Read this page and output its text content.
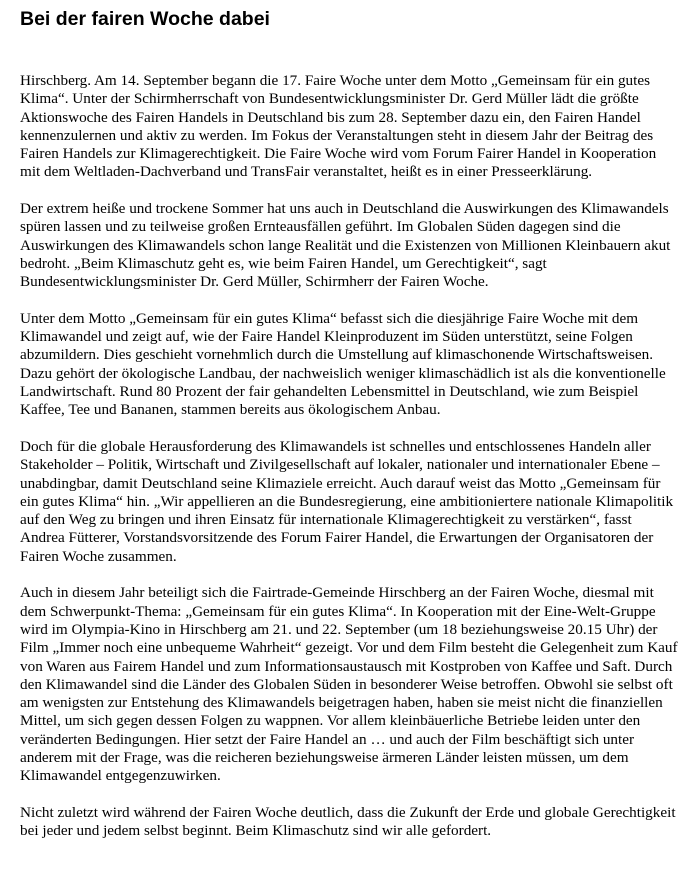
Bei der fairen Woche dabei

Hirschberg. Am 14. September begann die 17. Faire Woche unter dem Motto „Gemeinsam für ein gutes Klima“. Unter der Schirmherrschaft von Bundesentwicklungsminister Dr. Gerd Müller lädt die größte Aktionswoche des Fairen Handels in Deutschland bis zum 28. September dazu ein, den Fairen Handel kennenzulernen und aktiv zu werden. Im Fokus der Veranstaltungen steht in diesem Jahr der Beitrag des Fairen Handels zur Klimagerechtigkeit. Die Faire Woche wird vom Forum Fairer Handel in Kooperation mit dem Weltladen-Dachverband und TransFair veranstaltet, heißt es in einer Presseerklärung.

Der extrem heiße und trockene Sommer hat uns auch in Deutschland die Auswirkungen des Klimawandels spüren lassen und zu teilweise großen Ernteausfällen geführt. Im Globalen Süden dagegen sind die Auswirkungen des Klimawandels schon lange Realität und die Existenzen von Millionen Kleinbauern akut bedroht. „Beim Klimaschutz geht es, wie beim Fairen Handel, um Gerechtigkeit“, sagt Bundesentwicklungsminister Dr. Gerd Müller, Schirmherr der Fairen Woche.

Unter dem Motto „Gemeinsam für ein gutes Klima“ befasst sich die diesjährige Faire Woche mit dem Klimawandel und zeigt auf, wie der Faire Handel Kleinproduzent im Süden unterstützt, seine Folgen abzumildern. Dies geschieht vornehmlich durch die Umstellung auf klimaschonende Wirtschaftsweisen. Dazu gehört der ökologische Landbau, der nachweislich weniger klimaschädlich ist als die konventionelle Landwirtschaft. Rund 80 Prozent der fair gehandelten Lebensmittel in Deutschland, wie zum Beispiel Kaffee, Tee und Bananen, stammen bereits aus ökologischem Anbau.

Doch für die globale Herausforderung des Klimawandels ist schnelles und entschlossenes Handeln aller Stakeholder – Politik, Wirtschaft und Zivilgesellschaft auf lokaler, nationaler und internationaler Ebene – unabdingbar, damit Deutschland seine Klimaziele erreicht. Auch darauf weist das Motto „Gemeinsam für ein gutes Klima“ hin. „Wir appellieren an die Bundesregierung, eine ambitioniertere nationale Klimapolitik auf den Weg zu bringen und ihren Einsatz für internationale Klimagerechtigkeit zu verstärken“, fasst Andrea Fütterer, Vorstandsvorsitzende des Forum Fairer Handel, die Erwartungen der Organisatoren der Fairen Woche zusammen.

Auch in diesem Jahr beteiligt sich die Fairtrade-Gemeinde Hirschberg an der Fairen Woche, diesmal mit dem Schwerpunkt-Thema: „Gemeinsam für ein gutes Klima“. In Kooperation mit der Eine-Welt-Gruppe wird im Olympia-Kino in Hirschberg am 21. und 22. September (um 18 beziehungsweise 20.15 Uhr) der Film „Immer noch eine unbequeme Wahrheit“ gezeigt. Vor und dem Film besteht die Gelegenheit zum Kauf von Waren aus Fairem Handel und zum Informationsaustausch mit Kostproben von Kaffee und Saft. Durch den Klimawandel sind die Länder des Globalen Süden in besonderer Weise betroffen. Obwohl sie selbst oft am wenigsten zur Entstehung des Klimawandels beigetragen haben, haben sie meist nicht die finanziellen Mittel, um sich gegen dessen Folgen zu wappnen. Vor allem kleinbäuerliche Betriebe leiden unter den veränderten Bedingungen. Hier setzt der Faire Handel an … und auch der Film beschäftigt sich unter anderem mit der Frage, was die reicheren beziehungsweise ärmeren Länder leisten müssen, um dem Klimawandel entgegenzuwirken.

Nicht zuletzt wird während der Fairen Woche deutlich, dass die Zukunft der Erde und globale Gerechtigkeit bei jeder und jedem selbst beginnt. Beim Klimaschutz sind wir alle gefordert.
